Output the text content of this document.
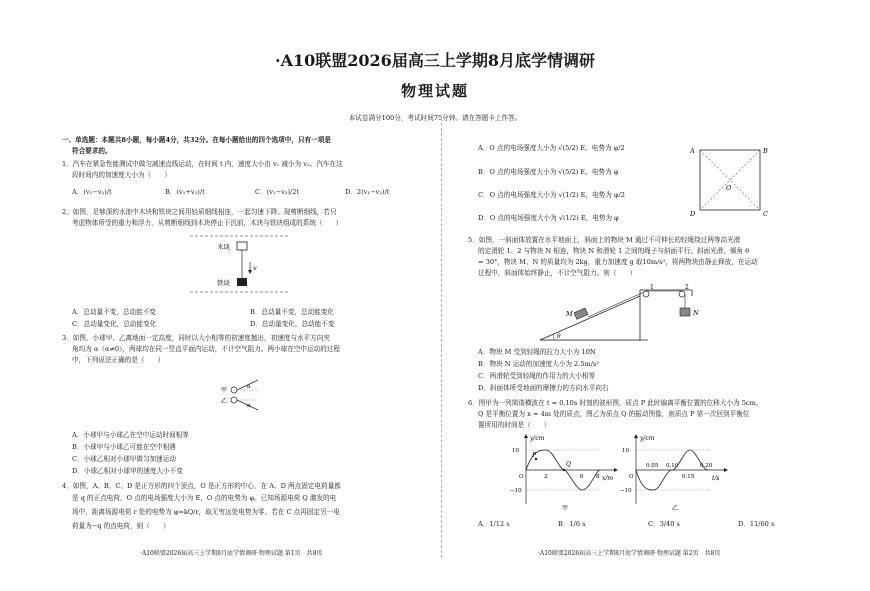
·A10联盟2026届高三上学期8月底学情调研
物理试题
本试卷满分100分，考试时间75分钟。请在答题卡上作答。
一、单选题：本题共8小题，每小题4分，共32分。在每小题给出的四个选项中，只有一项是
符合要求的。
1．汽车在紧急性能测试中做匀减速直线运动，在时间 t 内，速度大小由 v₁ 减小为 v₂。汽车在这
段时间内的加速度大小为（　　）
A．(v₁−v₂)/t	B．(v₁+v₂)/t	C．(v₁−v₂)/2t	D．2(v₁−v₂)/t
2．如图，足够深的水池中木块和铁块之间用轻质细线相连，一起匀速下降。现剪断细线，若只
考虑物体所受的重力和浮力，从剪断细线到木块停止下沉前，木块与铁块组成的系统（　　）
木块
v
铁块
A．总动量不变，总动能不变	B．总动量不变，总动能变化
C．总动量变化，总动能变化	D．总动量变化，总动能不变
3．如图，小球甲、乙离地面一定高度，同时以大小相等的初速度抛出，初速度与水平方向夹
角均为 α（α≠0），两球均在同一竖直平面内运动，不计空气阻力。两小球在空中运动的过程
中，下列说法正确的是（　　）
甲
乙
α
α
A．小球甲与小球乙在空中运动时间相等
B．小球甲与小球乙可能在空中相遇
C．小球乙相对小球甲做匀加速运动
D．小球乙相对小球甲的速度大小不变
4．如图，A、B、C、D 是正方形的四个顶点，O 是正方形的中心，在 A、D 两点固定电荷量都
是 q 的正点电荷，O 点的电场强度大小为 E，O 点的电势为 φ。已知场源电荷 Q 激发的电
场中，距离场源电荷 r 处的电势为 φ=kQ/r，取无穷远处电势为零。若在 C 点再固定另一电
荷量为−q 的点电荷，则（　　）
·A10联盟2026届高三上学期8月底学情调研·物理试题 第1页　共8页
A．O 点的电场强度大小为 √(5/2) E，电势为 φ/2
B．O 点的电场强度大小为 √(5/2) E，电势为 φ
C．O 点的电场强度大小为 √(1/2) E，电势为 φ/2
D．O 点的电场强度大小为 √(1/2) E，电势为 φ
A	B
C
D
O
5．如图，一斜面体放置在水平地面上，斜面上的物块 M 通过不可伸长的轻绳绕过两等高光滑
的定滑轮 1、2 与物块 N 相连，物块 N 和滑轮 1 之间的绳子与斜面平行。斜面光滑，倾角 θ
= 30°，物块 M、N 的质量均为 2kg，重力加速度 g 取10m/s²，将两物块由静止释放，在运动
过程中，斜面体始终静止，不计空气阻力。则（　　）
M	N
θ
1	2
A．物块 M 受到轻绳的拉力大小为 10N
B．物块 N 运动的加速度大小为 2.5m/s²
C．两滑轮受到轻绳的作用力的大小相等
D．斜面体所受地面的摩擦力的方向水平向右
6．图甲为一列简谐横波在 t = 0.10s 时刻的波形图，质点 P 此时偏离平衡位置的位移大小为 5cm，
Q 是平衡位置为 x = 4m 处的质点，图乙为质点 Q 的振动图像，则质点 P 第一次回到平衡位
置所用的时间是（　　）
y/cm
x/m
10
−10
O	2	6 8
P
Q
甲
y/cm
t/s
10
−10
O
0.05 0.10
0.15
0.20
乙
A．1/12 s	B．1/6 s	C．3/40 s	D．11/60 s
·A10联盟2026届高三上学期8月底学情调研·物理试题 第2页　共8页
